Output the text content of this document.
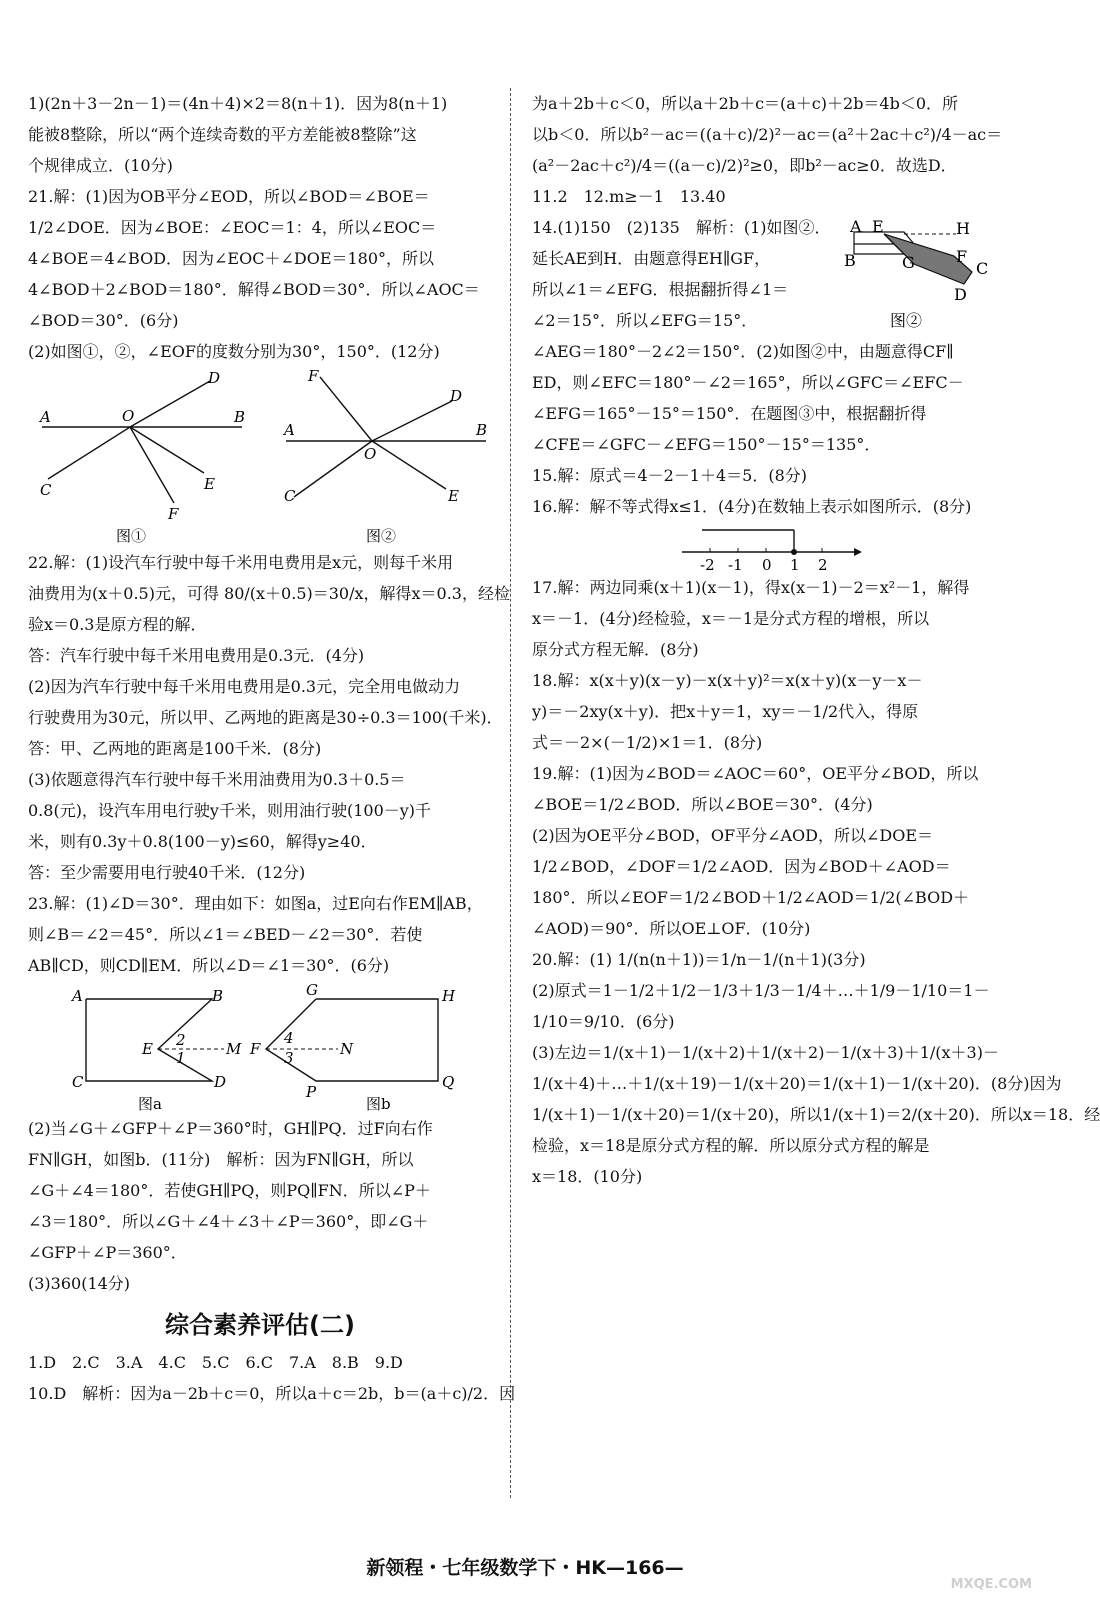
1)(2n＋3－2n－1)＝(4n＋4)×2＝8(n＋1)．因为8(n＋1)

能被8整除，所以“两个连续奇数的平方差能被8整除”这

个规律成立．(10分)

21.解：(1)因为OB平分∠EOD，所以∠BOD＝∠BOE＝

1/2∠DOE．因为∠BOE：∠EOC＝1：4，所以∠EOC＝

4∠BOE＝4∠BOD．因为∠EOC＋∠DOE＝180°，所以

4∠BOD＋2∠BOD＝180°．解得∠BOD＝30°．所以∠AOC＝

∠BOD＝30°．(6分)

(2)如图①，②，∠EOF的度数分别为30°，150°．(12分)

A	B
C
D
E
F
O
图①
F
D
A	B
O
C	E
图②

22.解：(1)设汽车行驶中每千米用电费用是x元，则每千米用

油费用为(x＋0.5)元，可得 80/(x＋0.5)＝30/x，解得x＝0.3，经检

验x＝0.3是原方程的解．

答：汽车行驶中每千米用电费用是0.3元．(4分)

(2)因为汽车行驶中每千米用电费用是0.3元，完全用电做动力

行驶费用为30元，所以甲、乙两地的距离是30÷0.3＝100(千米)．

答：甲、乙两地的距离是100千米．(8分)

(3)依题意得汽车行驶中每千米用油费用为0.3＋0.5＝

0.8(元)，设汽车用电行驶y千米，则用油行驶(100－y)千

米，则有0.3y＋0.8(100－y)≤60，解得y≥40．

答：至少需要用电行驶40千米．(12分)

23.解：(1)∠D＝30°．理由如下：如图a，过E向右作EM∥AB，

则∠B＝∠2＝45°．所以∠1＝∠BED－∠2＝30°．若使

AB∥CD，则CD∥EM．所以∠D＝∠1＝30°．(6分)

A	B
C	D
E	M
2
1
图a
G	H
P
Q
F	N
4
3
图b

(2)当∠G＋∠GFP＋∠P＝360°时，GH∥PQ．过F向右作

FN∥GH，如图b．(11分)　解析：因为FN∥GH，所以

∠G＋∠4＝180°．若使GH∥PQ，则PQ∥FN．所以∠P＋

∠3＝180°．所以∠G＋∠4＋∠3＋∠P＝360°，即∠G＋

∠GFP＋∠P＝360°．

(3)360(14分)

综合素养评估(二)

1.D　2.C　3.A　4.C　5.C　6.C　7.A　8.B　9.D

10.D　解析：因为a－2b＋c＝0，所以a＋c＝2b，b＝(a＋c)/2．因

为a＋2b＋c＜0，所以a＋2b＋c＝(a＋c)＋2b＝4b＜0．所

以b＜0．所以b²－ac＝((a＋c)/2)²－ac＝(a²＋2ac＋c²)/4－ac＝

(a²－2ac＋c²)/4＝((a－c)/2)²≥0，即b²－ac≥0．故选D．

11.2　12.m≥－1　13.40

14.(1)150　(2)135　解析：(1)如图②．

延长AE到H．由题意得EH∥GF，

所以∠1＝∠EFG．根据翻折得∠1＝

∠2＝15°．所以∠EFG＝15°．

A E	H
B	G	F
C
D
图②

∠AEG＝180°－2∠2＝150°．(2)如图②中，由题意得CF∥

ED，则∠EFC＝180°－∠2＝165°，所以∠GFC＝∠EFC－

∠EFG＝165°－15°＝150°．在题图③中，根据翻折得

∠CFE＝∠GFC－∠EFG＝150°－15°＝135°．

15.解：原式＝4－2－1＋4＝5．(8分)

16.解：解不等式得x≤1．(4分)在数轴上表示如图所示．(8分)

-2 -1 0 1 2

17.解：两边同乘(x＋1)(x－1)，得x(x－1)－2＝x²－1，解得

x＝－1．(4分)经检验，x＝－1是分式方程的增根，所以

原分式方程无解．(8分)

18.解：x(x＋y)(x－y)－x(x＋y)²＝x(x＋y)(x－y－x－

y)＝－2xy(x＋y)．把x＋y＝1，xy＝－1/2代入，得原

式＝－2×(－1/2)×1＝1．(8分)

19.解：(1)因为∠BOD＝∠AOC＝60°，OE平分∠BOD，所以

∠BOE＝1/2∠BOD．所以∠BOE＝30°．(4分)

(2)因为OE平分∠BOD，OF平分∠AOD，所以∠DOE＝

1/2∠BOD，∠DOF＝1/2∠AOD．因为∠BOD＋∠AOD＝

180°．所以∠EOF＝1/2∠BOD＋1/2∠AOD＝1/2(∠BOD＋

∠AOD)＝90°．所以OE⊥OF．(10分)

20.解：(1) 1/(n(n＋1))＝1/n－1/(n＋1)(3分)

(2)原式＝1－1/2＋1/2－1/3＋1/3－1/4＋…＋1/9－1/10＝1－

1/10＝9/10．(6分)

(3)左边＝1/(x＋1)－1/(x＋2)＋1/(x＋2)－1/(x＋3)＋1/(x＋3)－

1/(x＋4)＋…＋1/(x＋19)－1/(x＋20)＝1/(x＋1)－1/(x＋20)．(8分)因为

1/(x＋1)－1/(x＋20)＝1/(x＋20)，所以1/(x＋1)＝2/(x＋20)．所以x＝18．经

检验，x＝18是原分式方程的解．所以原分式方程的解是

x＝18．(10分)

新领程・七年级数学下・HK—166—
MXQE.COM
